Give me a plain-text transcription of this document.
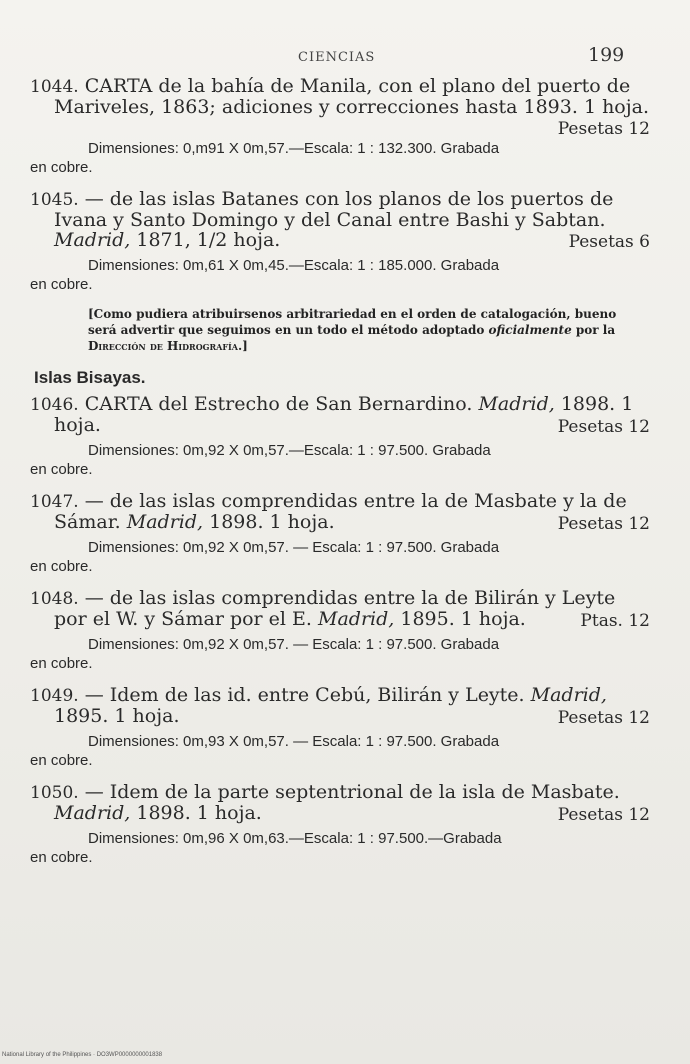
CIENCIAS	199

1044. CARTA de la bahía de Manila, con el plano del puerto de Mariveles, 1863; adiciones y correcciones hasta 1893. 1 hoja.
Pesetas 12

Dimensiones: 0,m91 X 0m,57.—Escala: 1 : 132.300. Grabada
en cobre.

1045. — de las islas Batanes con los planos de los puertos de Ivana y Santo Domingo y del Canal entre Bashi y Sabtan. Madrid, 1871, 1/2 hoja.	Pesetas 6

Dimensiones: 0m,61 X 0m,45.—Escala: 1 : 185.000. Grabada
en cobre.

[Como pudiera atribuirsenos arbitrariedad en el orden de catalogación, bueno será advertir que seguimos en un todo el método adoptado oficialmente por la Dirección de Hidrografía.]

Islas Bisayas.

1046. CARTA del Estrecho de San Bernardino. Madrid, 1898. 1 hoja.	Pesetas 12

Dimensiones: 0m,92 X 0m,57.—Escala: 1 : 97.500. Grabada
en cobre.

1047. — de las islas comprendidas entre la de Masbate y la de Sámar. Madrid, 1898. 1 hoja.	Pesetas 12

Dimensiones: 0m,92 X 0m,57. — Escala: 1 : 97.500. Grabada
en cobre.

1048. — de las islas comprendidas entre la de Bilirán y Leyte por el W. y Sámar por el E. Madrid, 1895. 1 hoja.	Ptas. 12

Dimensiones: 0m,92 X 0m,57. — Escala: 1 : 97.500. Grabada
en cobre.

1049. — Idem de las id. entre Cebú, Bilirán y Leyte. Madrid, 1895. 1 hoja.	Pesetas 12

Dimensiones: 0m,93 X 0m,57. — Escala: 1 : 97.500. Grabada
en cobre.

1050. — Idem de la parte septentrional de la isla de Masbate. Madrid, 1898. 1 hoja.	Pesetas 12

Dimensiones: 0m,96 X 0m,63.—Escala: 1 : 97.500.—Grabada
en cobre.
National Library of the Philippines · DO3WP0000000001838
